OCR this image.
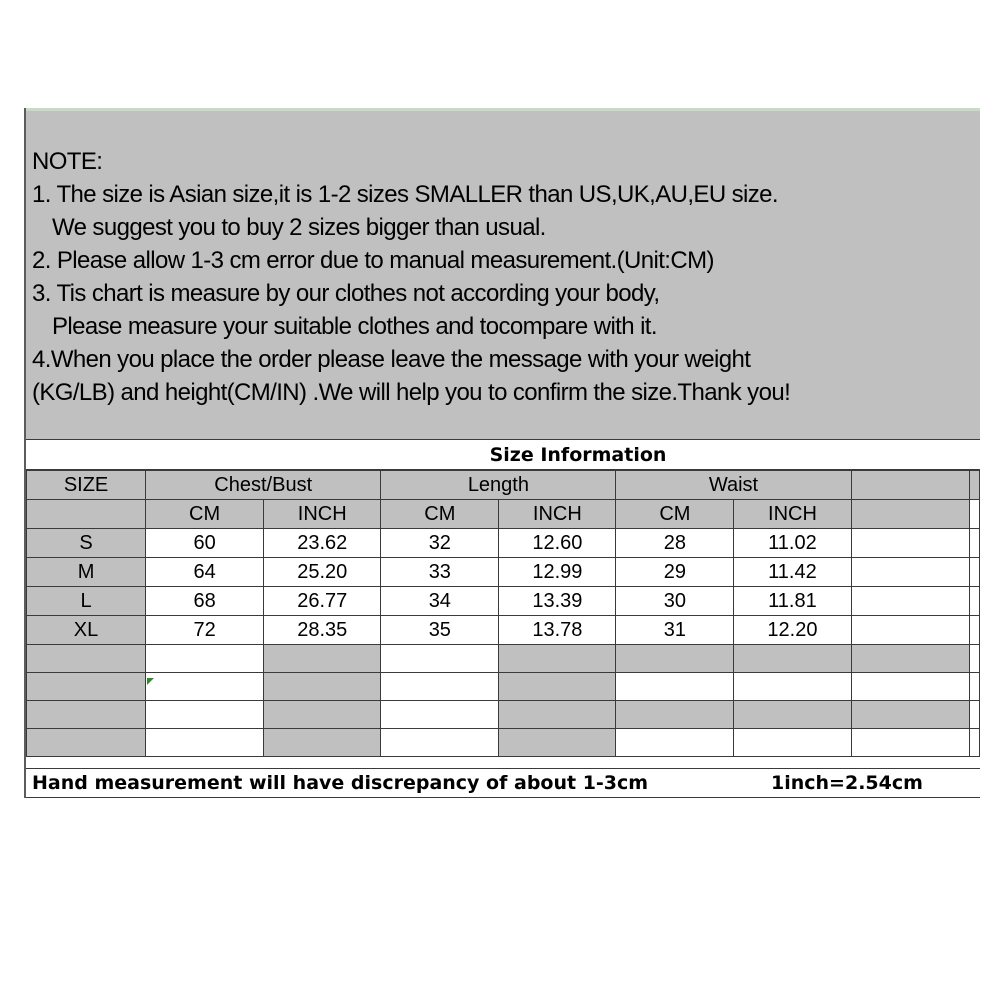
NOTE:
1. The size is Asian size,it is 1-2 sizes SMALLER than US,UK,AU,EU size.
We suggest you to buy 2 sizes bigger than usual.
2. Please allow 1-3 cm error due to manual measurement.(Unit:CM)
3. Tis chart is measure by our clothes not according your body,
Please measure your suitable clothes and tocompare with it.
4.When you place the order please leave the message with your weight
(KG/LB) and height(CM/IN) .We will help you to confirm the size.Thank you!
Size Information
SIZE	Chest/Bust		Length		Waist			
	CM	INCH	CM	INCH	CM	INCH		
S	60	23.62	32	12.60	28	11.02		
M	64	25.20	33	12.99	29	11.42		
L	68	26.77	34	13.39	30	11.81		
XL	72	28.35	35	13.78	31	12.20		

Hand measurement will have discrepancy of about 1-3cm	1inch=2.54cm
